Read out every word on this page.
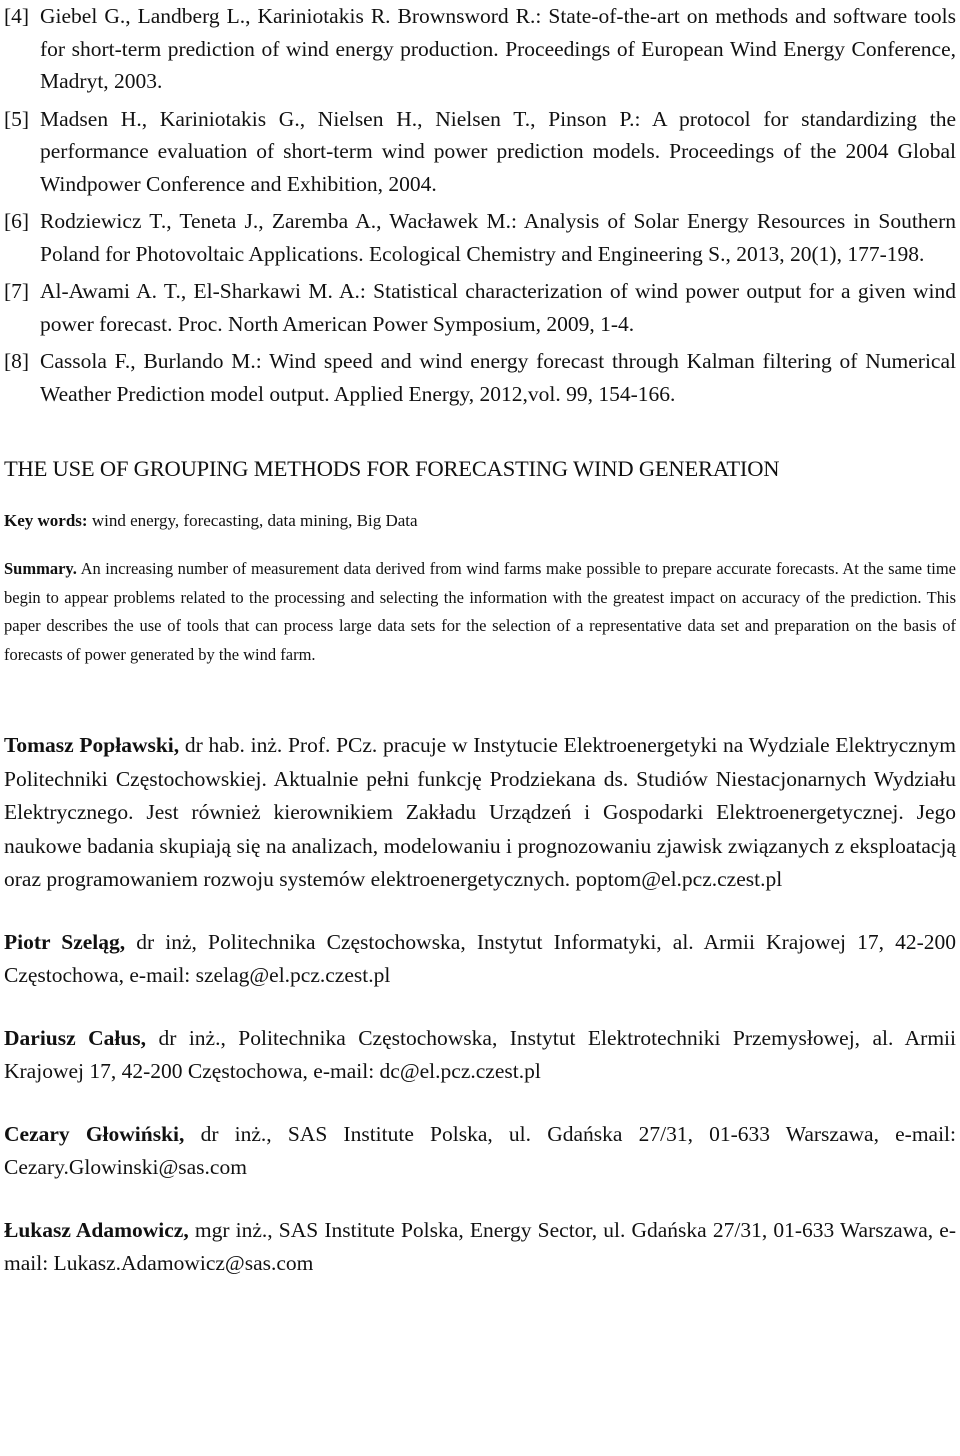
[4] Giebel G., Landberg L., Kariniotakis R. Brownsword R.: State-of-the-art on methods and software tools for short-term prediction of wind energy production. Proceedings of European Wind Energy Conference, Madryt, 2003.

[5] Madsen H., Kariniotakis G., Nielsen H., Nielsen T., Pinson P.: A protocol for standardizing the performance evaluation of short-term wind power prediction models. Proceedings of the 2004 Global Windpower Conference and Exhibition, 2004.

[6] Rodziewicz T., Teneta J., Zaremba A., Wacławek M.: Analysis of Solar Energy Resources in Southern Poland for Photovoltaic Applications. Ecological Chemistry and Engineering S., 2013, 20(1), 177-198.

[7] Al-Awami A. T., El-Sharkawi M. A.: Statistical characterization of wind power output for a given wind power forecast. Proc. North American Power Symposium, 2009, 1-4.

[8] Cassola F., Burlando M.: Wind speed and wind energy forecast through Kalman filtering of Numerical Weather Prediction model output. Applied Energy, 2012,vol. 99, 154-166.

THE USE OF GROUPING METHODS FOR FORECASTING WIND GENERATION

Key words: wind energy, forecasting, data mining, Big Data

Summary. An increasing number of measurement data derived from wind farms make possible to prepare accurate forecasts. At the same time begin to appear problems related to the processing and selecting the information with the greatest impact on accuracy of the prediction. This paper describes the use of tools that can process large data sets for the selection of a representative data set and preparation on the basis of forecasts of power generated by the wind farm.

Tomasz Popławski, dr hab. inż. Prof. PCz. pracuje w Instytucie Elektroenergetyki na Wydziale Elektrycznym Politechniki Częstochowskiej. Aktualnie pełni funkcję Prodziekana ds. Studiów Niestacjonarnych Wydziału Elektrycznego. Jest również kierownikiem Zakładu Urządzeń i Gospodarki Elektroenergetycznej. Jego naukowe badania skupiają się na analizach, modelowaniu i prognozowaniu zjawisk związanych z eksploatacją oraz programowaniem rozwoju systemów elektroenergetycznych. poptom@el.pcz.czest.pl

Piotr Szeląg, dr inż, Politechnika Częstochowska, Instytut Informatyki, al. Armii Krajowej 17, 42-200 Częstochowa, e-mail: szelag@el.pcz.czest.pl

Dariusz Całus, dr inż., Politechnika Częstochowska, Instytut Elektrotechniki Przemysłowej, al. Armii Krajowej 17, 42-200 Częstochowa, e-mail: dc@el.pcz.czest.pl

Cezary Głowiński, dr inż., SAS Institute Polska, ul. Gdańska 27/31, 01-633 Warszawa, e-mail: Cezary.Glowinski@sas.com

Łukasz Adamowicz, mgr inż., SAS Institute Polska, Energy Sector, ul. Gdańska 27/31, 01-633 Warszawa, e-mail: Lukasz.Adamowicz@sas.com
